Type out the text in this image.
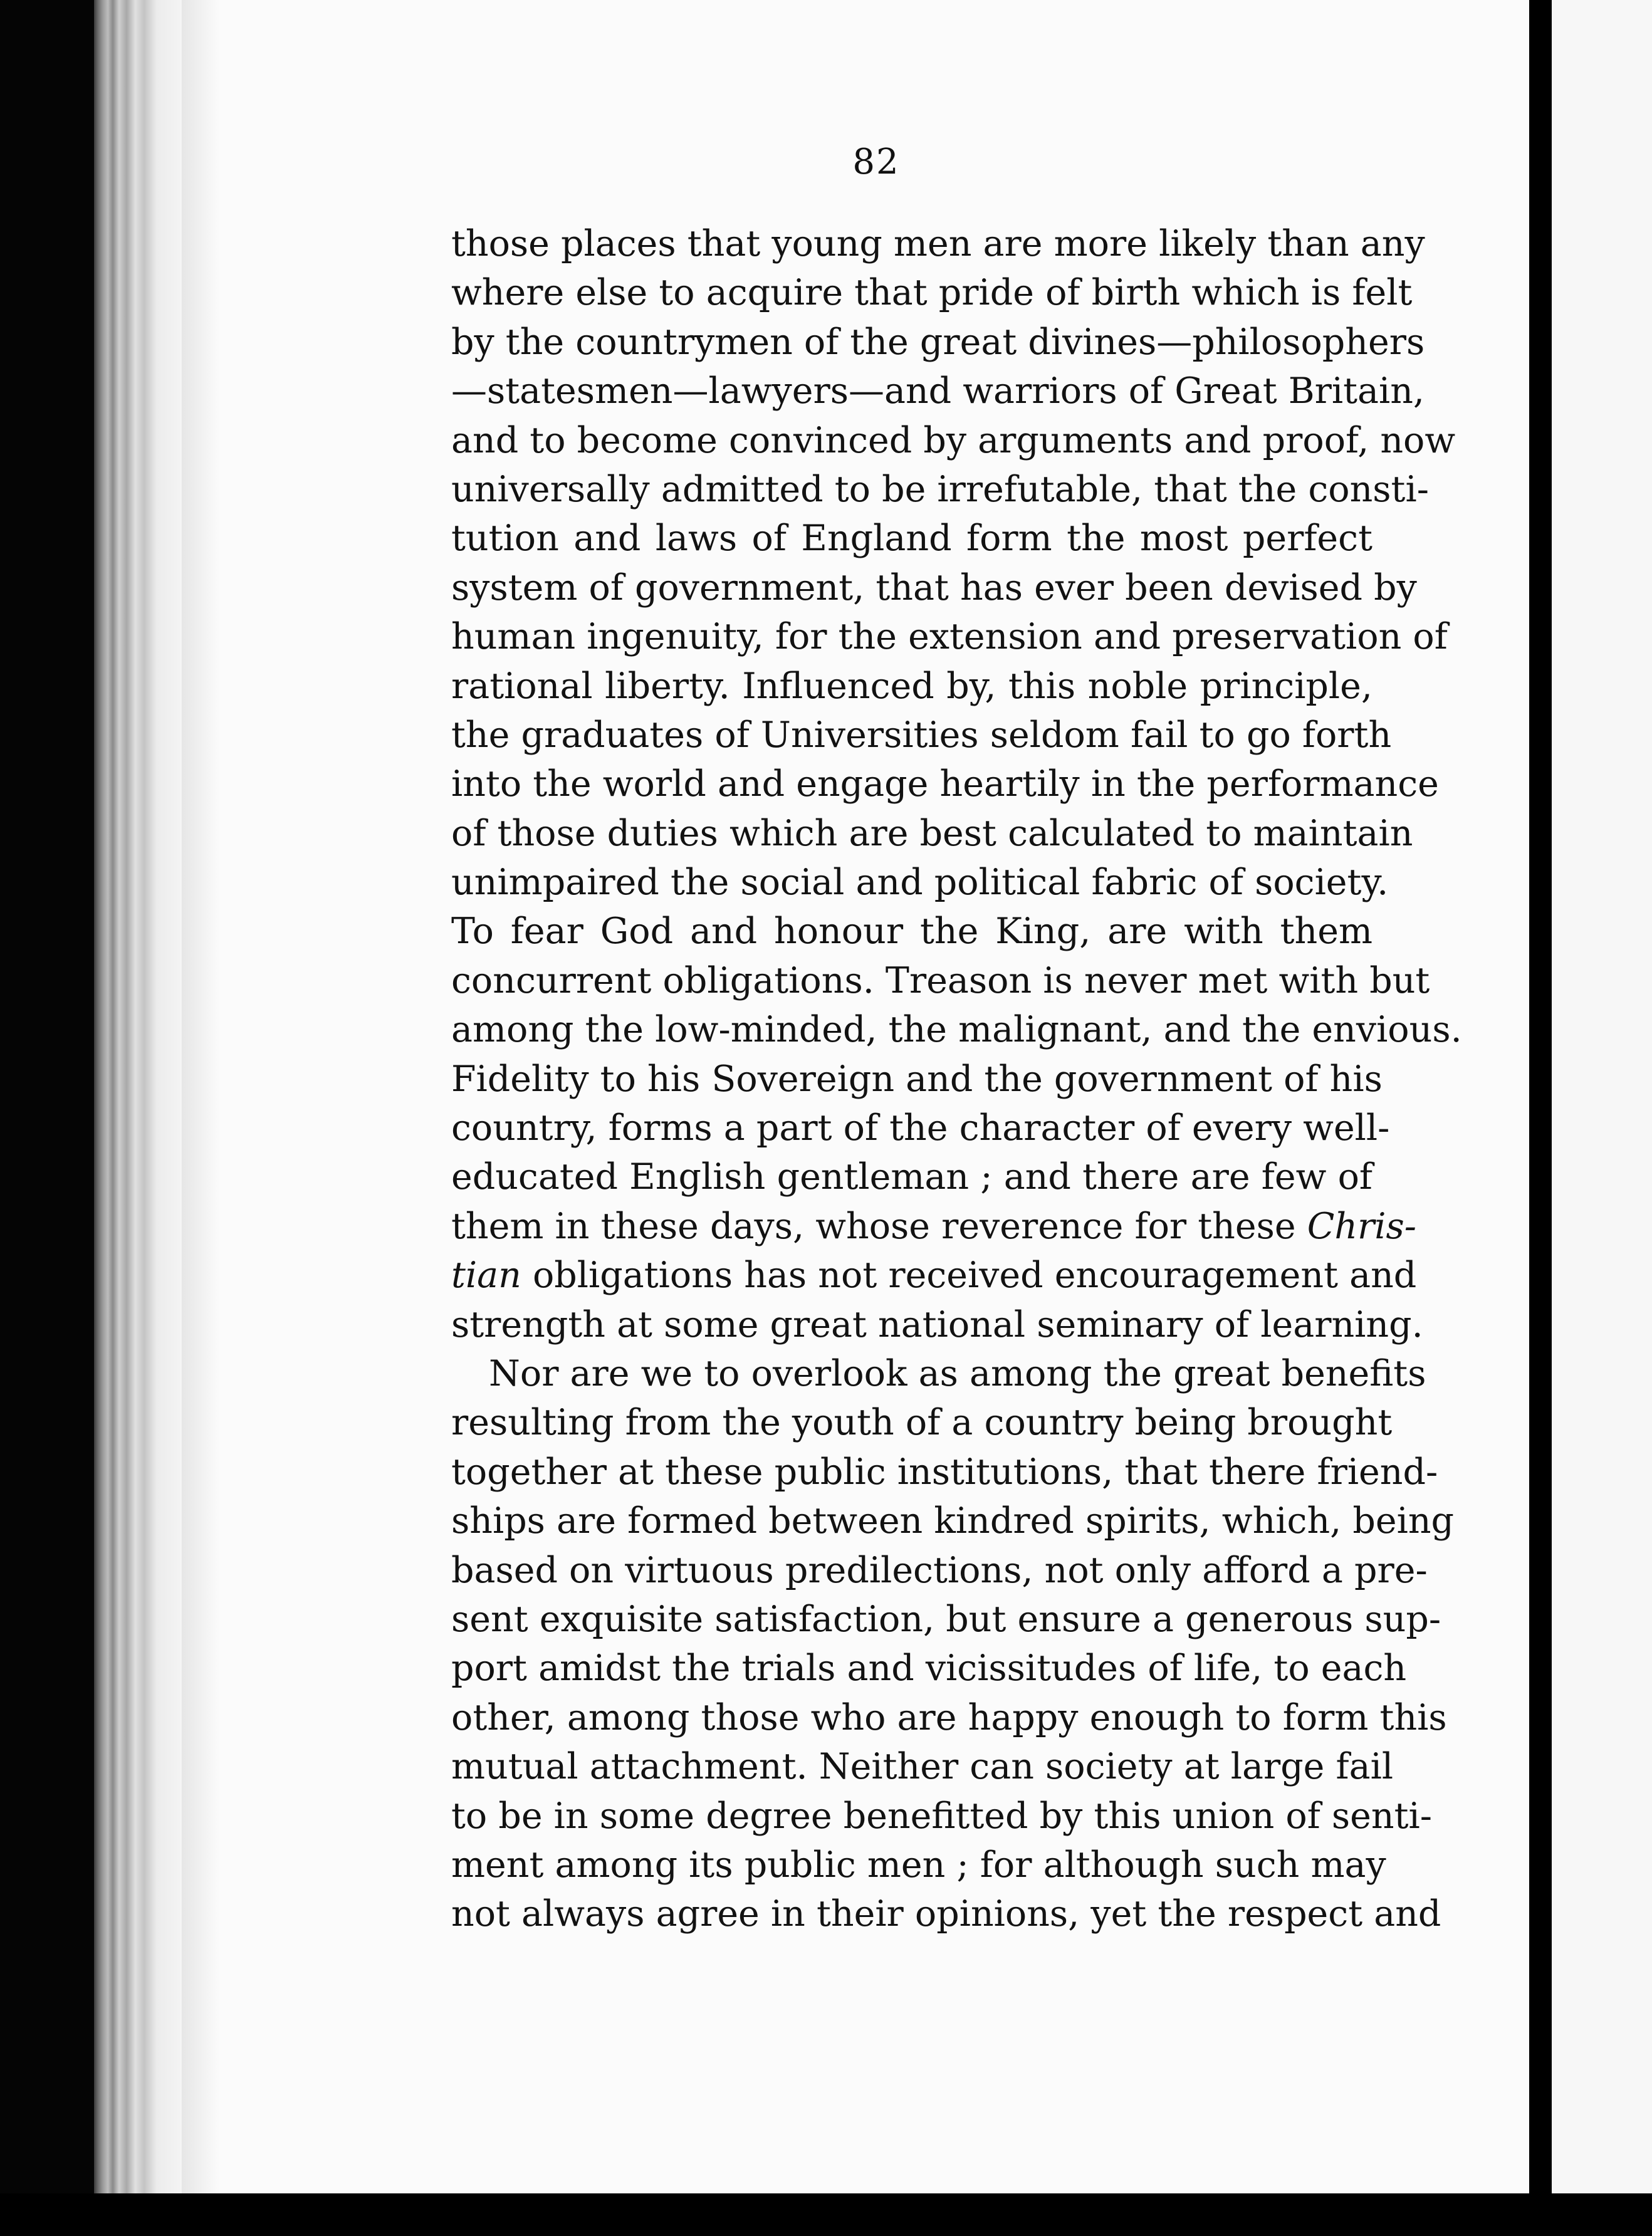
82
those places that young men are more likely than any
where else to acquire that pride of birth which is felt
by the countrymen of the great divines—philosophers
—statesmen—lawyers—and warriors of Great Britain,
and to become convinced by arguments and proof, now
universally admitted to be irrefutable, that the consti-
tution and laws of England form the most perfect
system of government, that has ever been devised by
human ingenuity, for the extension and preservation of
rational liberty. Influenced by, this noble principle,
the graduates of Universities seldom fail to go forth
into the world and engage heartily in the performance
of those duties which are best calculated to maintain
unimpaired the social and political fabric of society.
To fear God and honour the King, are with them
concurrent obligations. Treason is never met with but
among the low-minded, the malignant, and the envious.
Fidelity to his Sovereign and the government of his
country, forms a part of the character of every well-
educated English gentleman ; and there are few of
them in these days, whose reverence for these Chris-
tian obligations has not received encouragement and
strength at some great national seminary of learning.
Nor are we to overlook as among the great benefits
resulting from the youth of a country being brought
together at these public institutions, that there friend-
ships are formed between kindred spirits, which, being
based on virtuous predilections, not only afford a pre-
sent exquisite satisfaction, but ensure a generous sup-
port amidst the trials and vicissitudes of life, to each
other, among those who are happy enough to form this
mutual attachment. Neither can society at large fail
to be in some degree benefitted by this union of senti-
ment among its public men ; for although such may
not always agree in their opinions, yet the respect and
